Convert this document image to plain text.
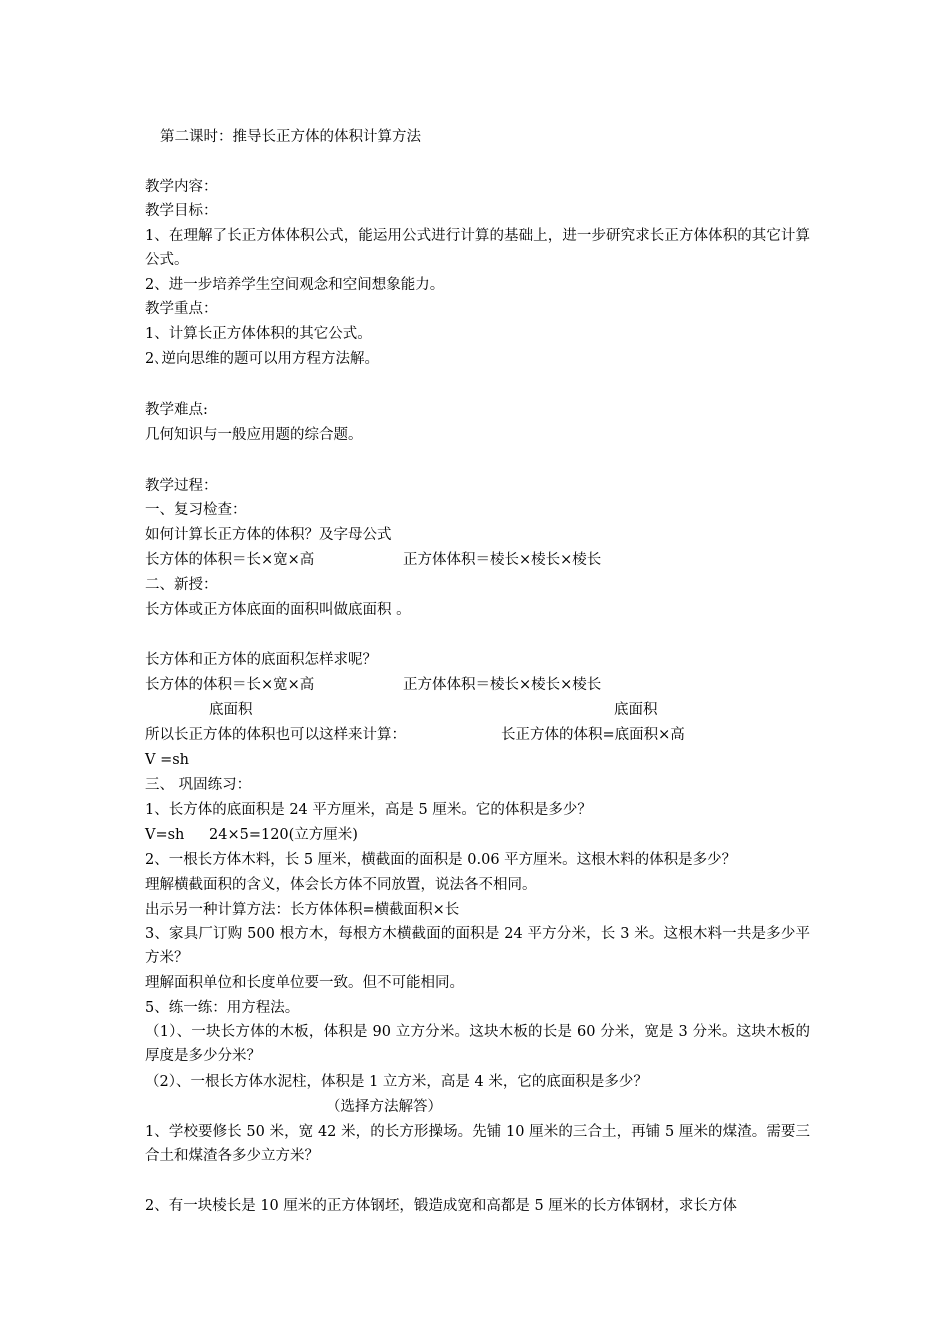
第二课时：推导长正方体的体积计算方法
教学内容：
教学目标：
1、在理解了长正方体体积公式，能运用公式进行计算的基础上，进一步研究求长正方体体积的其它计算公式。
2、进一步培养学生空间观念和空间想象能力。
教学重点：
1、计算长正方体体积的其它公式。
2､逆向思维的题可以用方程方法解。
教学难点:
几何知识与一般应用题的综合题。
教学过程：
一、复习检查：
如何计算长正方体的体积？及字母公式
长方体的体积＝长×宽×高	正方体体积＝棱长×棱长×棱长
二、新授：
长方体或正方体底面的面积叫做底面积 。
长方体和正方体的底面积怎样求呢？
长方体的体积＝长×宽×高	正方体体积＝棱长×棱长×棱长
底面积	底面积
所以长正方体的体积也可以这样来计算：	长正方体的体积=底面积×高
V =sh
三、 巩固练习：
1、长方体的底面积是 24 平方厘米，高是 5 厘米。它的体积是多少？
V=sh 24×5=120(立方厘米)
2、一根长方体木料，长 5 厘米，横截面的面积是 0.06 平方厘米。这根木料的体积是多少？
理解横截面积的含义，体会长方体不同放置，说法各不相同。
出示另一种计算方法：长方体体积=横截面积×长
3、家具厂订购 500 根方木，每根方木横截面的面积是 24 平方分米，长 3 米。这根木料一共是多少平方米？
理解面积单位和长度单位要一致。但不可能相同。
5、练一练：用方程法。
（1）、一块长方体的木板，体积是 90 立方分米。这块木板的长是 60 分米，宽是 3 分米。这块木板的厚度是多少分米？
（2）、一根长方体水泥柱，体积是 1 立方米，高是 4 米，它的底面积是多少？
（选择方法解答）
1、学校要修长 50 米，宽 42 米，的长方形操场。先铺 10 厘米的三合土，再铺 5 厘米的煤渣。需要三合土和煤渣各多少立方米？
2、有一块棱长是 10 厘米的正方体钢坯，锻造成宽和高都是 5 厘米的长方体钢材，求长方体
